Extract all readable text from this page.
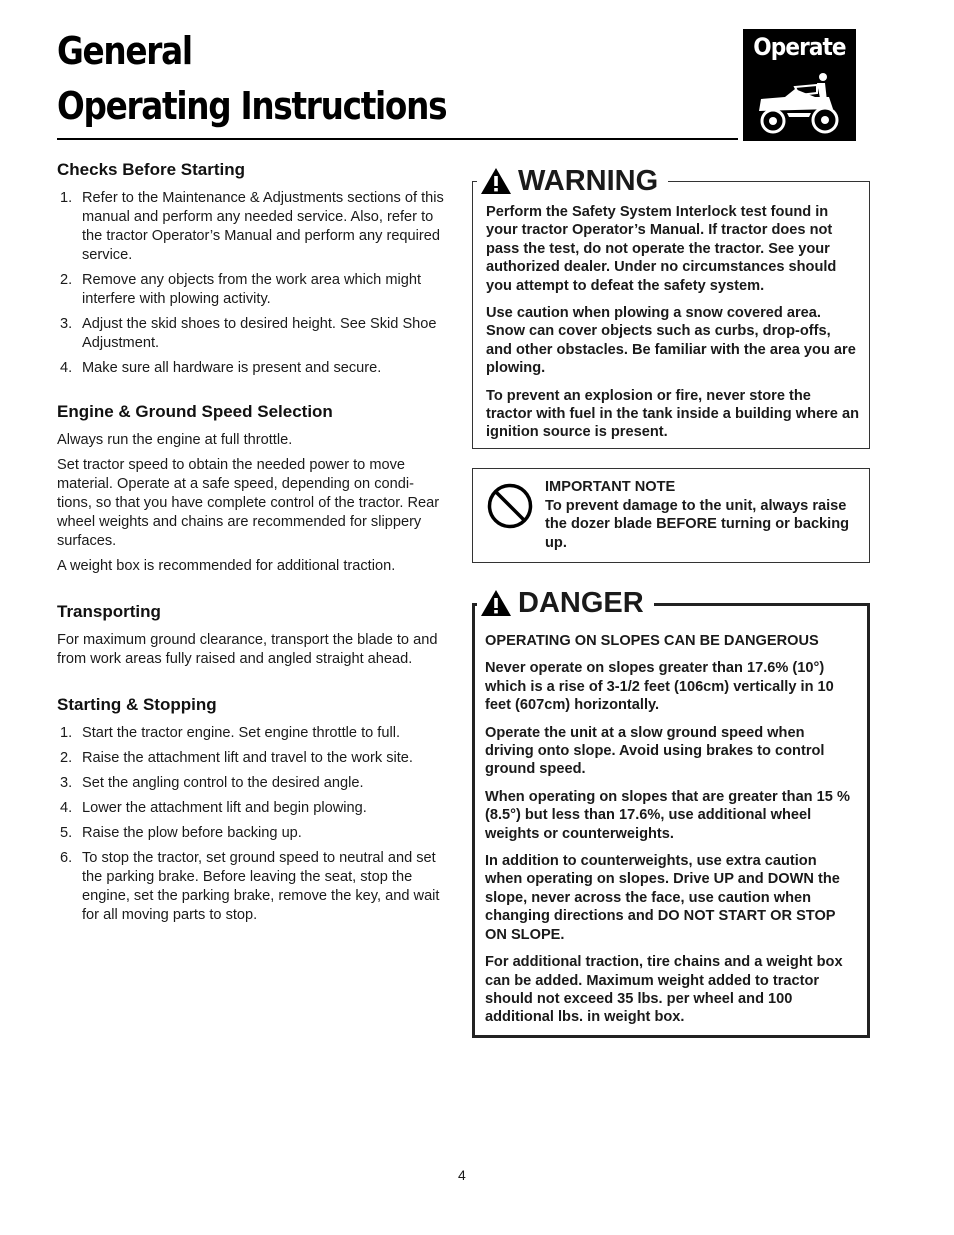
General
Operating Instructions
Operate
Checks Before Starting
1. Refer to the Maintenance & Adjustments sections of this manual and perform any needed service. Also, refer to the tractor Operator’s Manual and perform any required service.
2. Remove any objects from the work area which might interfere with plowing activity.
3. Adjust the skid shoes to desired height. See Skid Shoe Adjustment.
4. Make sure all hardware is present and secure.
Engine & Ground Speed Selection

Always run the engine at full throttle.

Set tractor speed to obtain the needed power to move material. Operate at a safe speed, depending on condi-tions, so that you have complete control of the tractor. Rear wheel weights and chains are recommended for slippery surfaces.

A weight box is recommended for additional traction.

Transporting

For maximum ground clearance, transport the blade to and from work areas fully raised and angled straight ahead.

Starting & Stopping
1. Start the tractor engine. Set engine throttle to full.
2. Raise the attachment lift and travel to the work site.
3. Set the angling control to the desired angle.
4. Lower the attachment lift and begin plowing.
5. Raise the plow before backing up.
6. To stop the tractor, set ground speed to neutral and set the parking brake. Before leaving the seat, stop the engine, set the parking brake, remove the key, and wait for all moving parts to stop.
WARNING

Perform the Safety System Interlock test found in your tractor Operator’s Manual. If tractor does not pass the test, do not operate the tractor. See your authorized dealer. Under no circumstances should you attempt to defeat the safety system.

Use caution when plowing a snow covered area. Snow can cover objects such as curbs, drop-offs, and other obstacles. Be familiar with the area you are plowing.

To prevent an explosion or fire, never store the tractor with fuel in the tank inside a building where an ignition source is present.

IMPORTANT NOTE

To prevent damage to the unit, always raise the dozer blade BEFORE turning or backing up.

DANGER

OPERATING ON SLOPES CAN BE DANGEROUS

Never operate on slopes greater than 17.6% (10°) which is a rise of 3-1/2 feet (106cm) vertically in 10 feet (607cm) horizontally.

Operate the unit at a slow ground speed when driving onto slope. Avoid using brakes to control ground speed.

When operating on slopes that are greater than 15 % (8.5°) but less than 17.6%, use additional wheel weights or counterweights.

In addition to counterweights, use extra caution when operating on slopes. Drive UP and DOWN the slope, never across the face, use caution when changing directions and DO NOT START OR STOP ON SLOPE.

For additional traction, tire chains and a weight box can be added. Maximum weight added to tractor should not exceed 35 lbs. per wheel and 100 additional lbs. in weight box.

4
